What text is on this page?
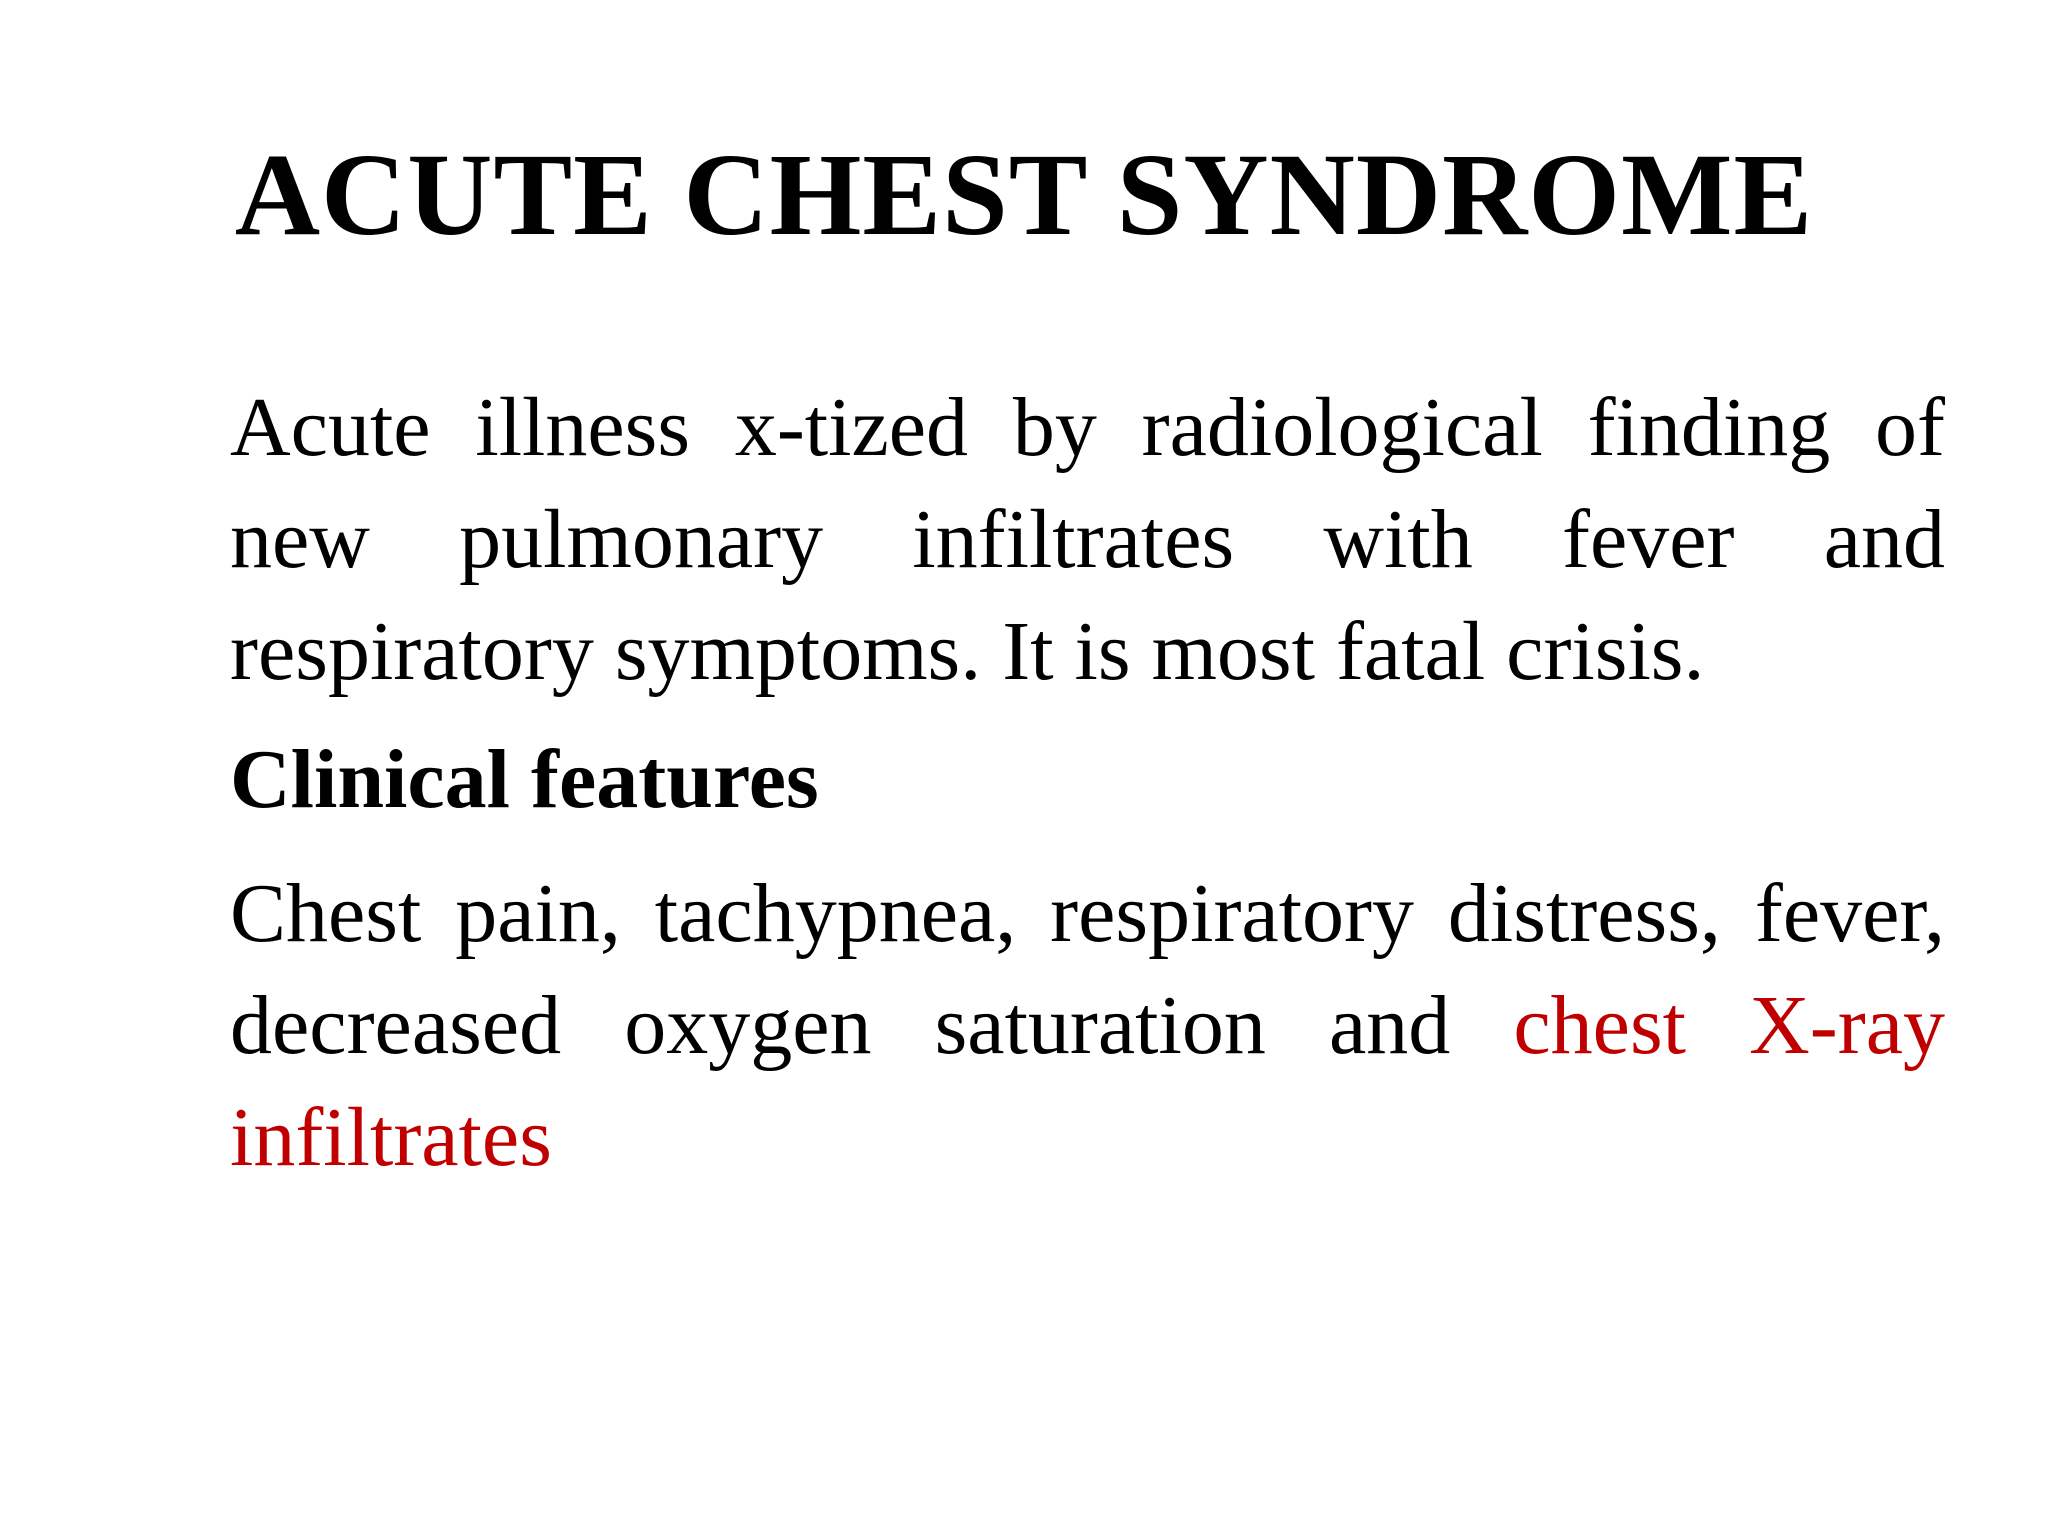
ACUTE CHEST SYNDROME

Acute illness x-tized by radiological finding of new pulmonary infiltrates with fever and respiratory symptoms. It is most fatal crisis.

Clinical features

Chest pain, tachypnea, respiratory distress, fever, decreased oxygen saturation and chest X-ray infiltrates
